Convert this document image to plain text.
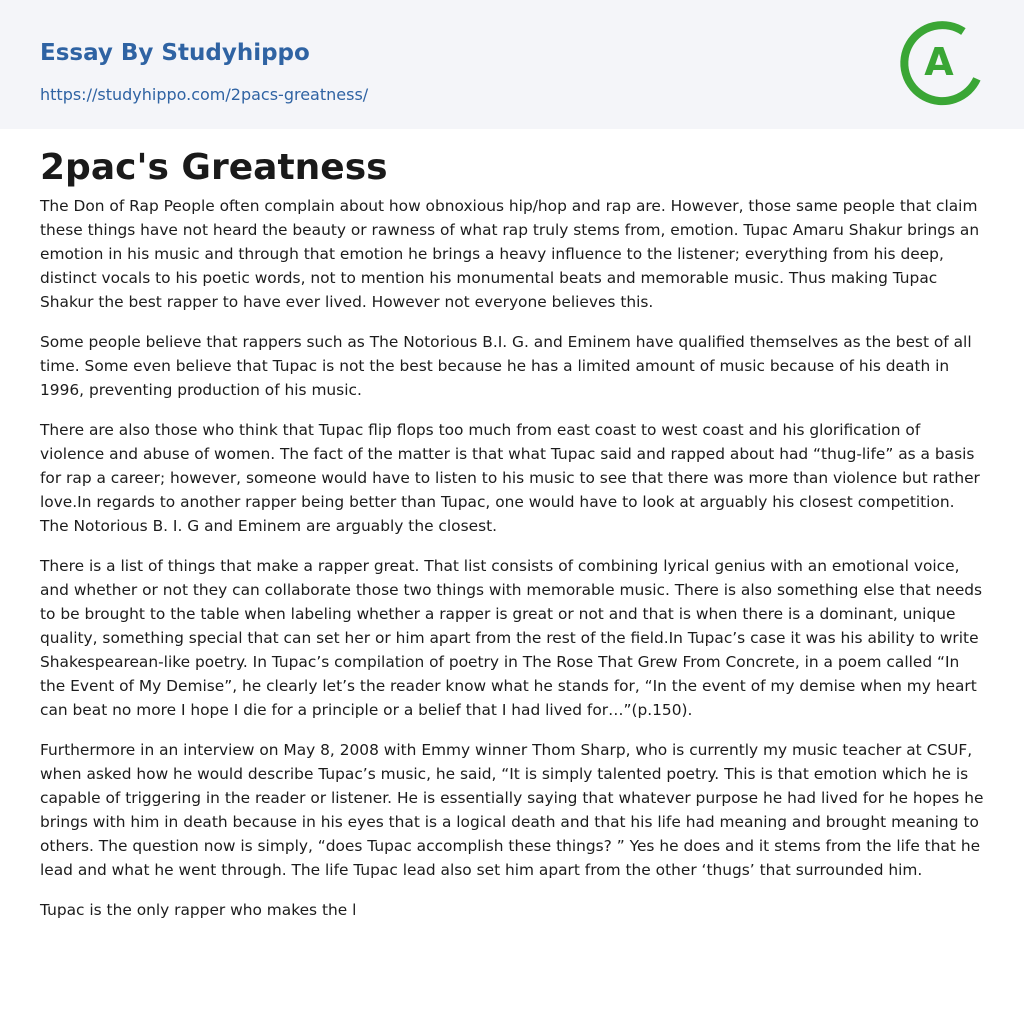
Essay By Studyhippo
https://studyhippo.com/2pacs-greatness/
A
2pac's Greatness

The Don of Rap People often complain about how obnoxious hip/hop and rap are. However, those same people that claim these things have not heard the beauty or rawness of what rap truly stems from, emotion. Tupac Amaru Shakur brings an emotion in his music and through that emotion he brings a heavy influence to the listener; everything from his deep, distinct vocals to his poetic words, not to mention his monumental beats and memorable music. Thus making Tupac Shakur the best rapper to have ever lived. However not everyone believes this.

Some people believe that rappers such as The Notorious B.I. G. and Eminem have qualified themselves as the best of all time. Some even believe that Tupac is not the best because he has a limited amount of music because of his death in 1996, preventing production of his music.

There are also those who think that Tupac flip flops too much from east coast to west coast and his glorification of violence and abuse of women. The fact of the matter is that what Tupac said and rapped about had “thug-life” as a basis for rap a career; however, someone would have to listen to his music to see that there was more than violence but rather love.In regards to another rapper being better than Tupac, one would have to look at arguably his closest competition. The Notorious B. I. G and Eminem are arguably the closest.

There is a list of things that make a rapper great. That list consists of combining lyrical genius with an emotional voice, and whether or not they can collaborate those two things with memorable music. There is also something else that needs to be brought to the table when labeling whether a rapper is great or not and that is when there is a dominant, unique quality, something special that can set her or him apart from the rest of the field.In Tupac’s case it was his ability to write Shakespearean-like poetry. In Tupac’s compilation of poetry in The Rose That Grew From Concrete, in a poem called “In the Event of My Demise”, he clearly let’s the reader know what he stands for, “In the event of my demise when my heart can beat no more I hope I die for a principle or a belief that I had lived for…”(p.150).

Furthermore in an interview on May 8, 2008 with Emmy winner Thom Sharp, who is currently my music teacher at CSUF, when asked how he would describe Tupac’s music, he said, “It is simply talented poetry. This is that emotion which he is capable of triggering in the reader or listener. He is essentially saying that whatever purpose he had lived for he hopes he brings with him in death because in his eyes that is a logical death and that his life had meaning and brought meaning to others. The question now is simply, “does Tupac accomplish these things? ” Yes he does and it stems from the life that he lead and what he went through. The life Tupac lead also set him apart from the other ‘thugs’ that surrounded him.

Tupac is the only rapper who makes the l
